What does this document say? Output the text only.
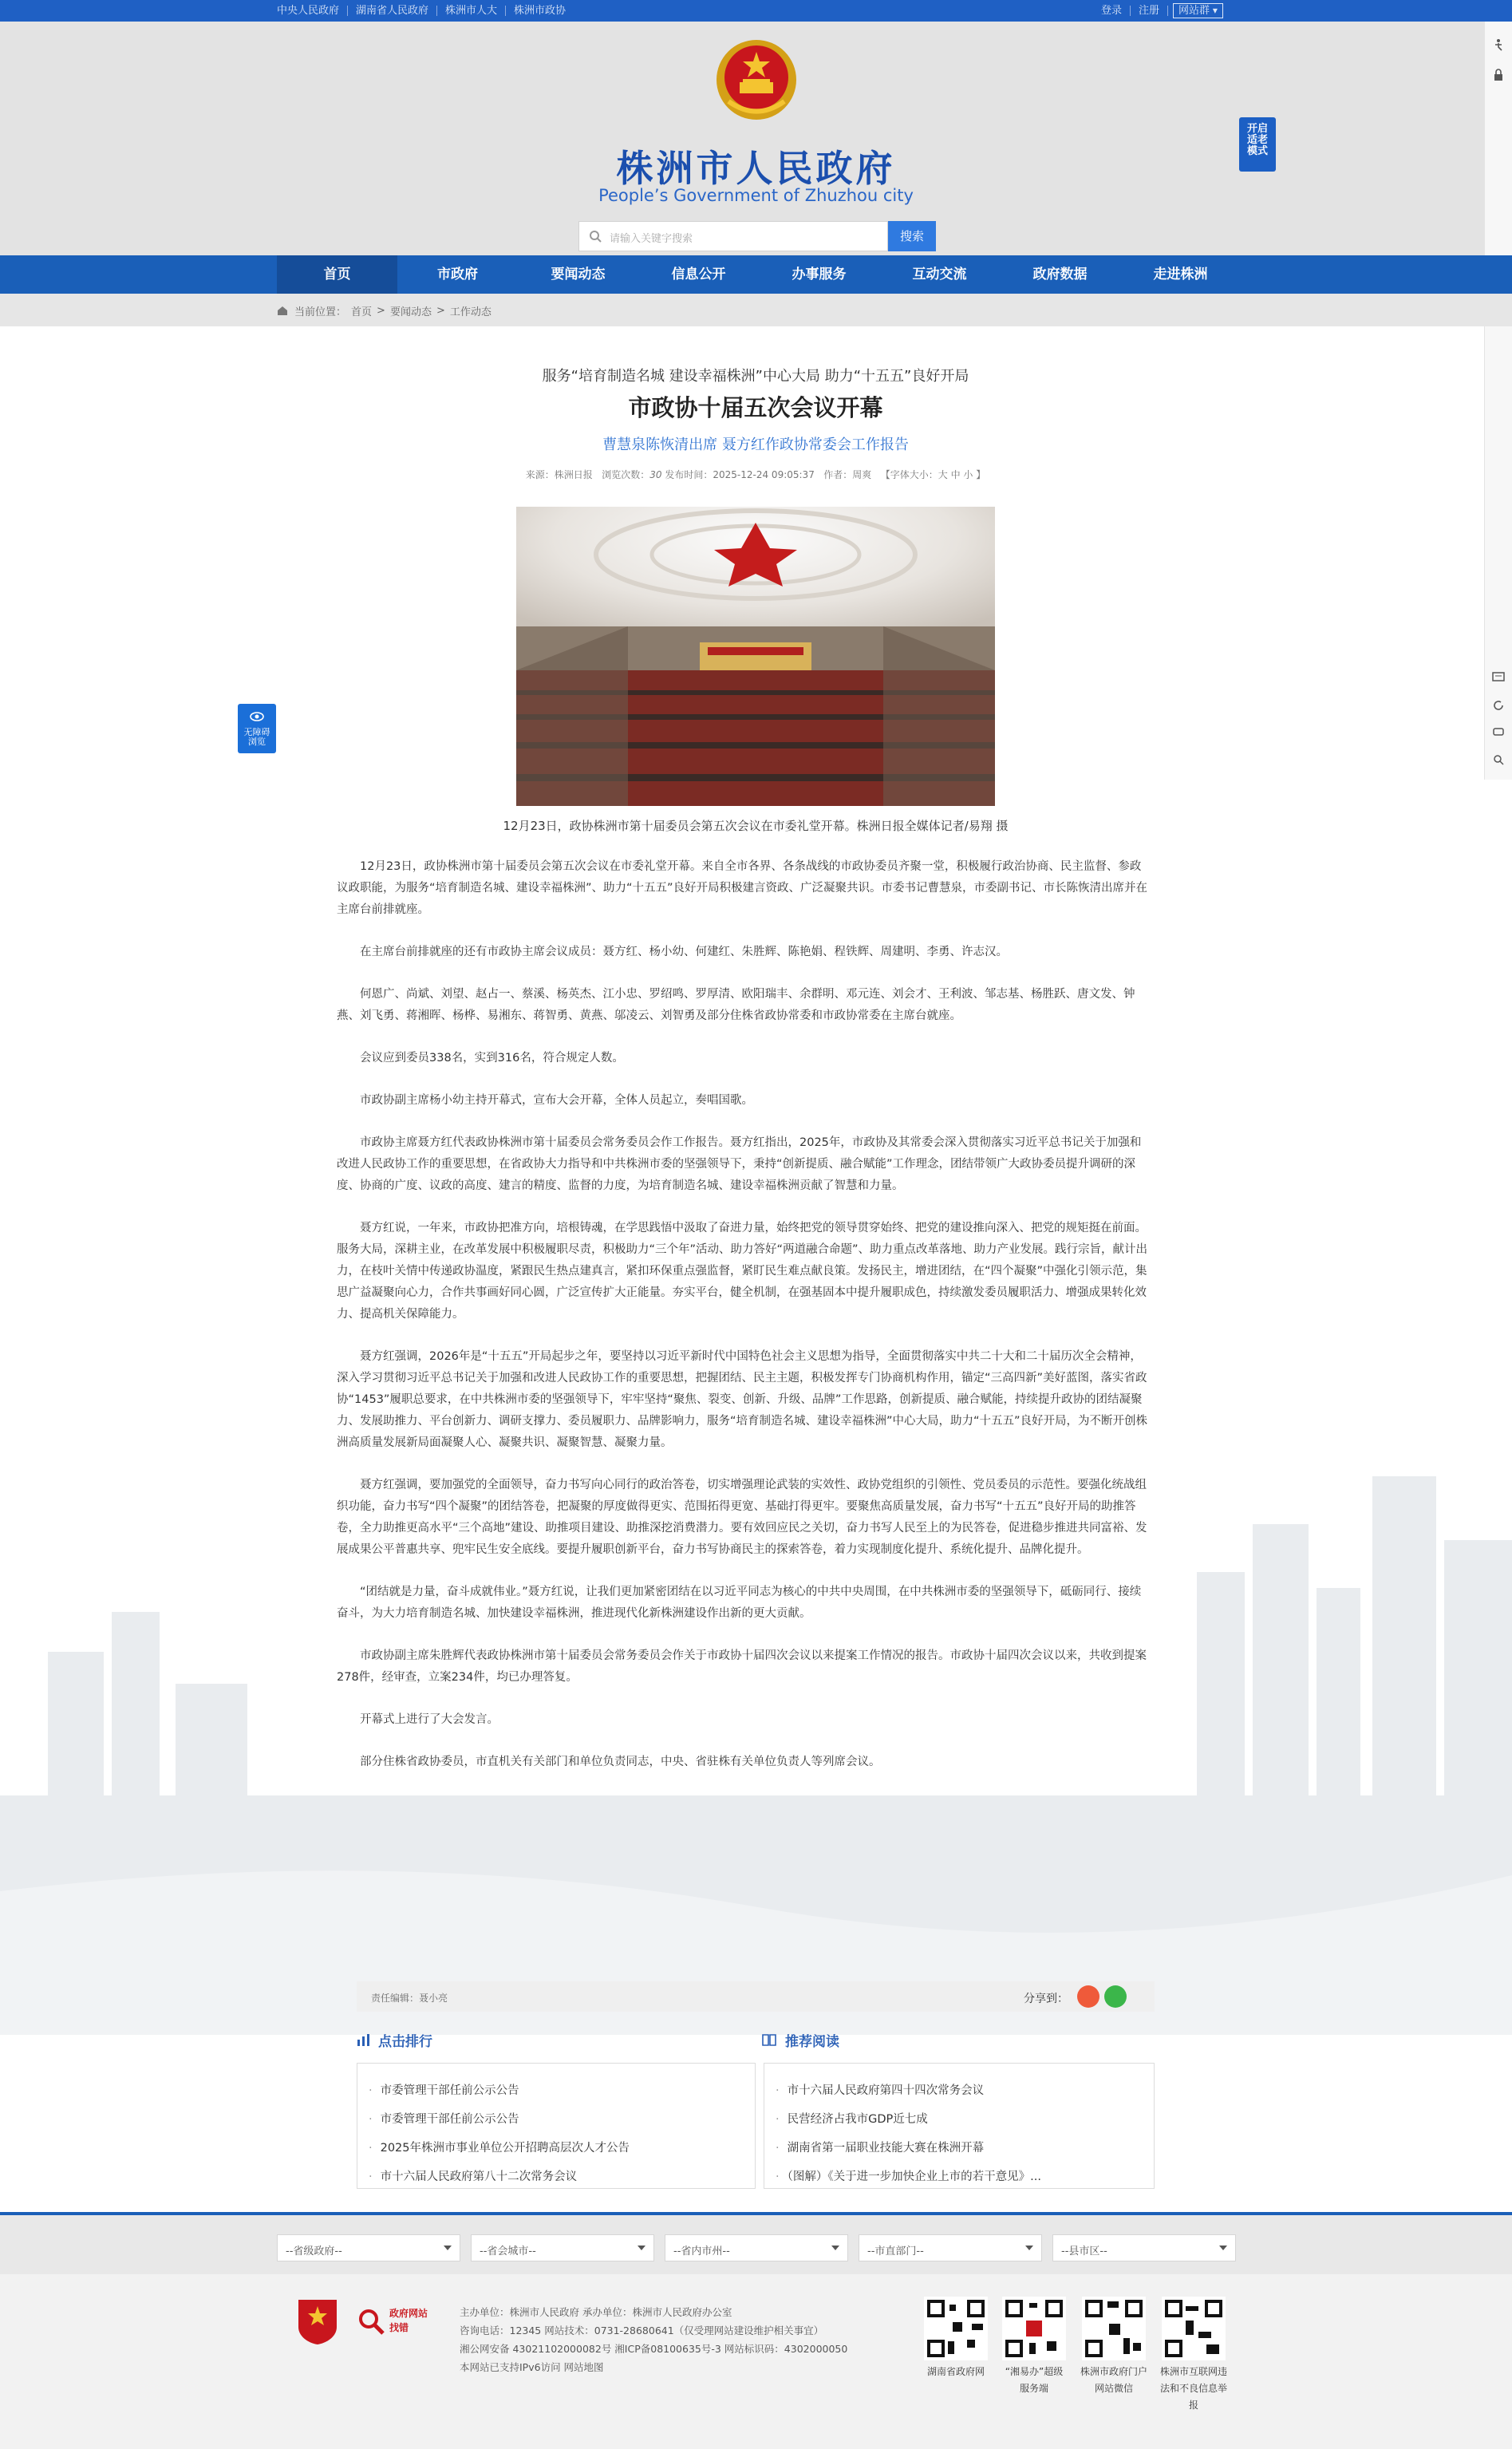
中央人民政府	湖南省人民政府	株洲市人大	株洲市政协	登录	注册	网站群 ▾
株洲市人民政府
People’s Government of Zhuzhou city
请输入关键字搜索	搜索
开启适老模式
首页	市政府	要闻动态	信息公开	办事服务	互动交流	政府数据	走进株洲
当前位置： 首页 > 要闻动态 > 工作动态
无障碍浏览
服务“培育制造名城 建设幸福株洲”中心大局 助力“十五五”良好开局
市政协十届五次会议开幕
曹慧泉陈恢清出席 聂方红作政协常委会工作报告
来源：株洲日报 浏览次数：30 发布时间：2025-12-24 09:05:37 作者：周爽 【字体大小：大 中 小 】
12月23日，政协株洲市第十届委员会第五次会议在市委礼堂开幕。株洲日报全媒体记者/易翔 摄

12月23日，政协株洲市第十届委员会第五次会议在市委礼堂开幕。来自全市各界、各条战线的市政协委员齐聚一堂，积极履行政治协商、民主监督、参政议政职能，为服务“培育制造名城、建设幸福株洲”、助力“十五五”良好开局积极建言资政、广泛凝聚共识。市委书记曹慧泉，市委副书记、市长陈恢清出席并在主席台前排就座。

在主席台前排就座的还有市政协主席会议成员：聂方红、杨小幼、何建红、朱胜辉、陈艳娟、程铁辉、周建明、李勇、许志汉。

何恩广、尚斌、刘望、赵占一、蔡溪、杨英杰、江小忠、罗绍鸣、罗厚清、欧阳瑞丰、余群明、邓元连、刘会才、王利波、邹志基、杨胜跃、唐文发、钟燕、刘飞勇、蒋湘晖、杨桦、易湘东、蒋智勇、黄燕、邬凌云、刘智勇及部分住株省政协常委和市政协常委在主席台就座。

会议应到委员338名，实到316名，符合规定人数。

市政协副主席杨小幼主持开幕式，宣布大会开幕，全体人员起立，奏唱国歌。

市政协主席聂方红代表政协株洲市第十届委员会常务委员会作工作报告。聂方红指出，2025年，市政协及其常委会深入贯彻落实习近平总书记关于加强和改进人民政协工作的重要思想，在省政协大力指导和中共株洲市委的坚强领导下，秉持“创新提质、融合赋能”工作理念，团结带领广大政协委员提升调研的深度、协商的广度、议政的高度、建言的精度、监督的力度，为培育制造名城、建设幸福株洲贡献了智慧和力量。

聂方红说，一年来，市政协把准方向，培根铸魂，在学思践悟中汲取了奋进力量，始终把党的领导贯穿始终、把党的建设推向深入、把党的规矩挺在前面。服务大局，深耕主业，在改革发展中积极履职尽责，积极助力“三个年”活动、助力答好“两道融合命题”、助力重点改革落地、助力产业发展。践行宗旨，献计出力，在枝叶关情中传递政协温度，紧跟民生热点建真言，紧扣环保重点强监督，紧盯民生难点献良策。发扬民主，增进团结，在“四个凝聚”中强化引领示范，集思广益凝聚向心力，合作共事画好同心圆，广泛宣传扩大正能量。夯实平台，健全机制，在强基固本中提升履职成色，持续激发委员履职活力、增强成果转化效力、提高机关保障能力。

聂方红强调，2026年是“十五五”开局起步之年，要坚持以习近平新时代中国特色社会主义思想为指导，全面贯彻落实中共二十大和二十届历次全会精神，深入学习贯彻习近平总书记关于加强和改进人民政协工作的重要思想，把握团结、民主主题，积极发挥专门协商机构作用，锚定“三高四新”美好蓝图，落实省政协“1453”履职总要求，在中共株洲市委的坚强领导下，牢牢坚持“聚焦、裂变、创新、升级、品牌”工作思路，创新提质、融合赋能，持续提升政协的团结凝聚力、发展助推力、平台创新力、调研支撑力、委员履职力、品牌影响力，服务“培育制造名城、建设幸福株洲”中心大局，助力“十五五”良好开局，为不断开创株洲高质量发展新局面凝聚人心、凝聚共识、凝聚智慧、凝聚力量。

聂方红强调，要加强党的全面领导，奋力书写向心同行的政治答卷，切实增强理论武装的实效性、政协党组织的引领性、党员委员的示范性。要强化统战组织功能，奋力书写“四个凝聚”的团结答卷，把凝聚的厚度做得更实、范围拓得更宽、基础打得更牢。要聚焦高质量发展，奋力书写“十五五”良好开局的助推答卷，全力助推更高水平“三个高地”建设、助推项目建设、助推深挖消费潜力。要有效回应民之关切，奋力书写人民至上的为民答卷，促进稳步推进共同富裕、发展成果公平普惠共享、兜牢民生安全底线。要提升履职创新平台，奋力书写协商民主的探索答卷，着力实现制度化提升、系统化提升、品牌化提升。

“团结就是力量，奋斗成就伟业。”聂方红说，让我们更加紧密团结在以习近平同志为核心的中共中央周围，在中共株洲市委的坚强领导下，砥砺同行、接续奋斗，为大力培育制造名城、加快建设幸福株洲，推进现代化新株洲建设作出新的更大贡献。

市政协副主席朱胜辉代表政协株洲市第十届委员会常务委员会作关于市政协十届四次会议以来提案工作情况的报告。市政协十届四次会议以来，共收到提案278件，经审查，立案234件，均已办理答复。

开幕式上进行了大会发言。

部分住株省政协委员，市直机关有关部门和单位负责同志，中央、省驻株有关单位负责人等列席会议。

责任编辑：聂小亮	分享到：
点击排行
· 市委管理干部任前公示公告
· 市委管理干部任前公示公告
· 2025年株洲市事业单位公开招聘高层次人才公告
· 市十六届人民政府第八十二次常务会议
推荐阅读
· 市十六届人民政府第四十四次常务会议
· 民营经济占我市GDP近七成
· 湖南省第一届职业技能大赛在株洲开幕
· （图解）《关于进一步加快企业上市的若干意见》...
--省级政府--	--省会城市--	--省内市州--	--市直部门--	--县市区--
政府网站找错
主办单位：株洲市人民政府 承办单位：株洲市人民政府办公室
咨询电话：12345 网站技术：0731-28680641（仅受理网站建设维护相关事宜）
湘公网安备 43021102000082号 湘ICP备08100635号-3 网站标识码：4302000050
本网站已支持IPv6访问 网站地图	湖南省政府网	“湘易办”超级服务端
株洲市政府门户网站微信
株洲市互联网违法和不良信息举报
